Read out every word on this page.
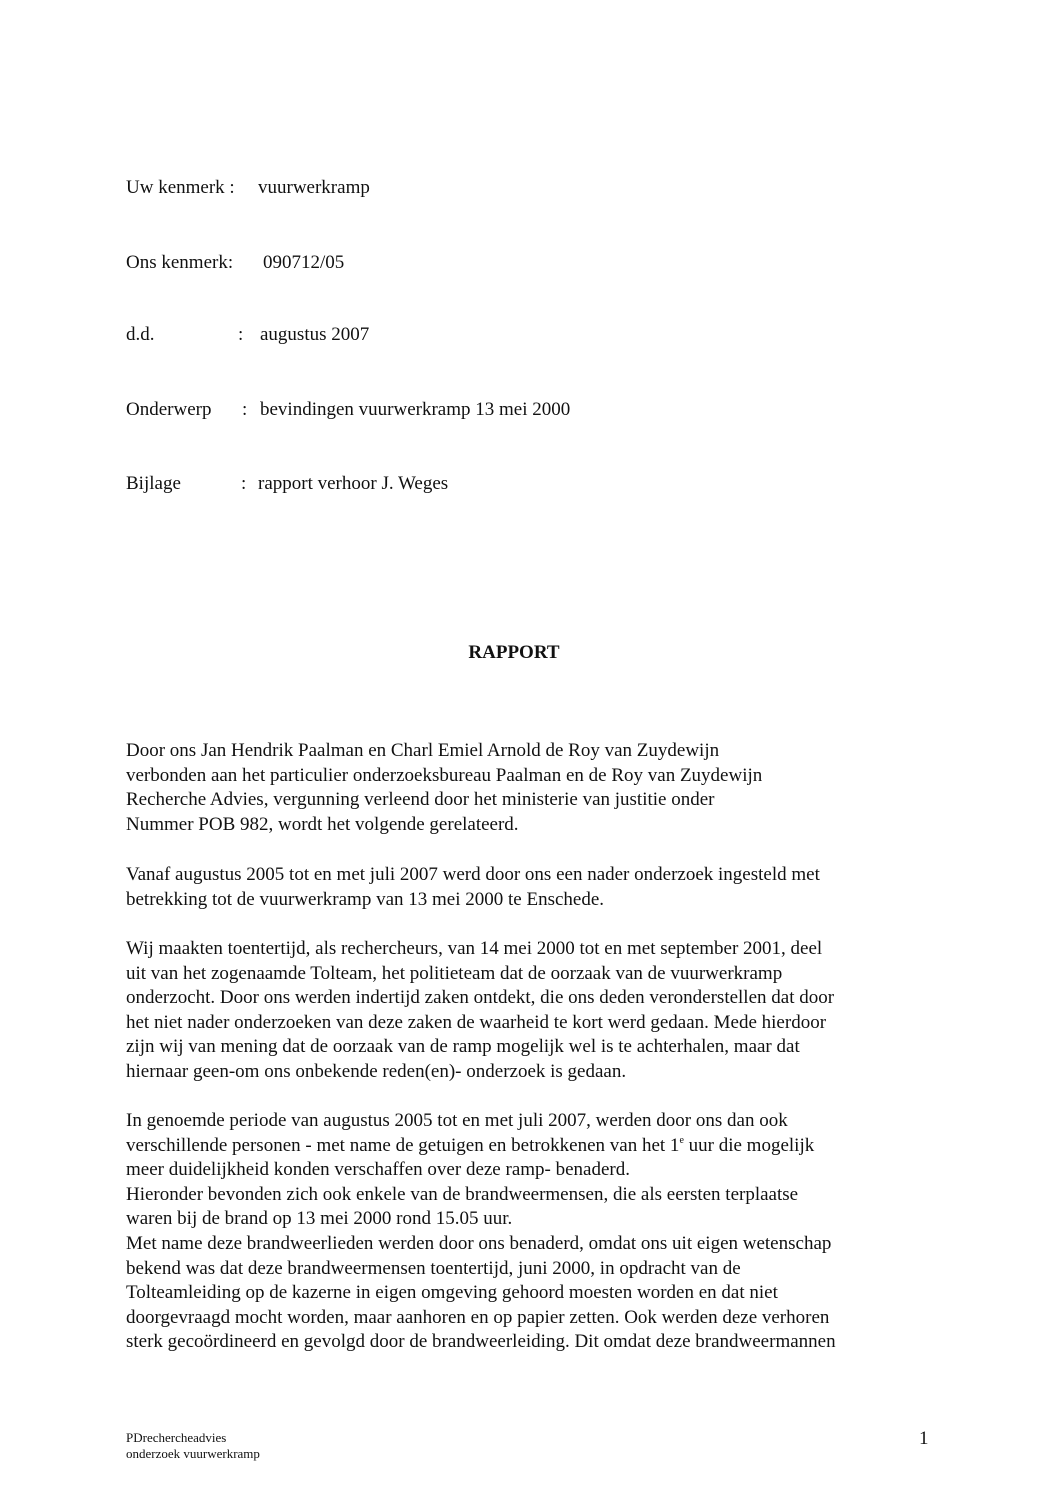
Uw kenmerk : vuurwerkramp
Ons kenmerk: 090712/05
d.d.	: augustus 2007
Onderwerp : bevindingen vuurwerkramp 13 mei 2000
Bijlage	: rapport verhoor J. Weges
RAPPORT
Door ons Jan Hendrik Paalman en Charl Emiel Arnold de Roy van Zuydewijn
verbonden aan het particulier onderzoeksbureau Paalman en de Roy van Zuydewijn
Recherche Advies, vergunning verleend door het ministerie van justitie onder
Nummer POB 982, wordt het volgende gerelateerd.
Vanaf augustus 2005 tot en met juli 2007 werd door ons een nader onderzoek ingesteld met
betrekking tot de vuurwerkramp van 13 mei 2000 te Enschede.
Wij maakten toentertijd, als rechercheurs, van 14 mei 2000 tot en met september 2001, deel
uit van het zogenaamde Tolteam, het politieteam dat de oorzaak van de vuurwerkramp
onderzocht. Door ons werden indertijd zaken ontdekt, die ons deden veronderstellen dat door
het niet nader onderzoeken van deze zaken de waarheid te kort werd gedaan. Mede hierdoor
zijn wij van mening dat de oorzaak van de ramp mogelijk wel is te achterhalen, maar dat
hiernaar geen-om ons onbekende reden(en)- onderzoek is gedaan.
In genoemde periode van augustus 2005 tot en met juli 2007, werden door ons dan ook
verschillende personen - met name de getuigen en betrokkenen van het 1e uur die mogelijk
meer duidelijkheid konden verschaffen over deze ramp- benaderd.
Hieronder bevonden zich ook enkele van de brandweermensen, die als eersten terplaatse
waren bij de brand op 13 mei 2000 rond 15.05 uur.
Met name deze brandweerlieden werden door ons benaderd, omdat ons uit eigen wetenschap
bekend was dat deze brandweermensen toentertijd, juni 2000, in opdracht van de
Tolteamleiding op de kazerne in eigen omgeving gehoord moesten worden en dat niet
doorgevraagd mocht worden, maar aanhoren en op papier zetten. Ook werden deze verhoren
sterk gecoördineerd en gevolgd door de brandweerleiding. Dit omdat deze brandweermannen
PDrechercheadvies
onderzoek vuurwerkramp
1
